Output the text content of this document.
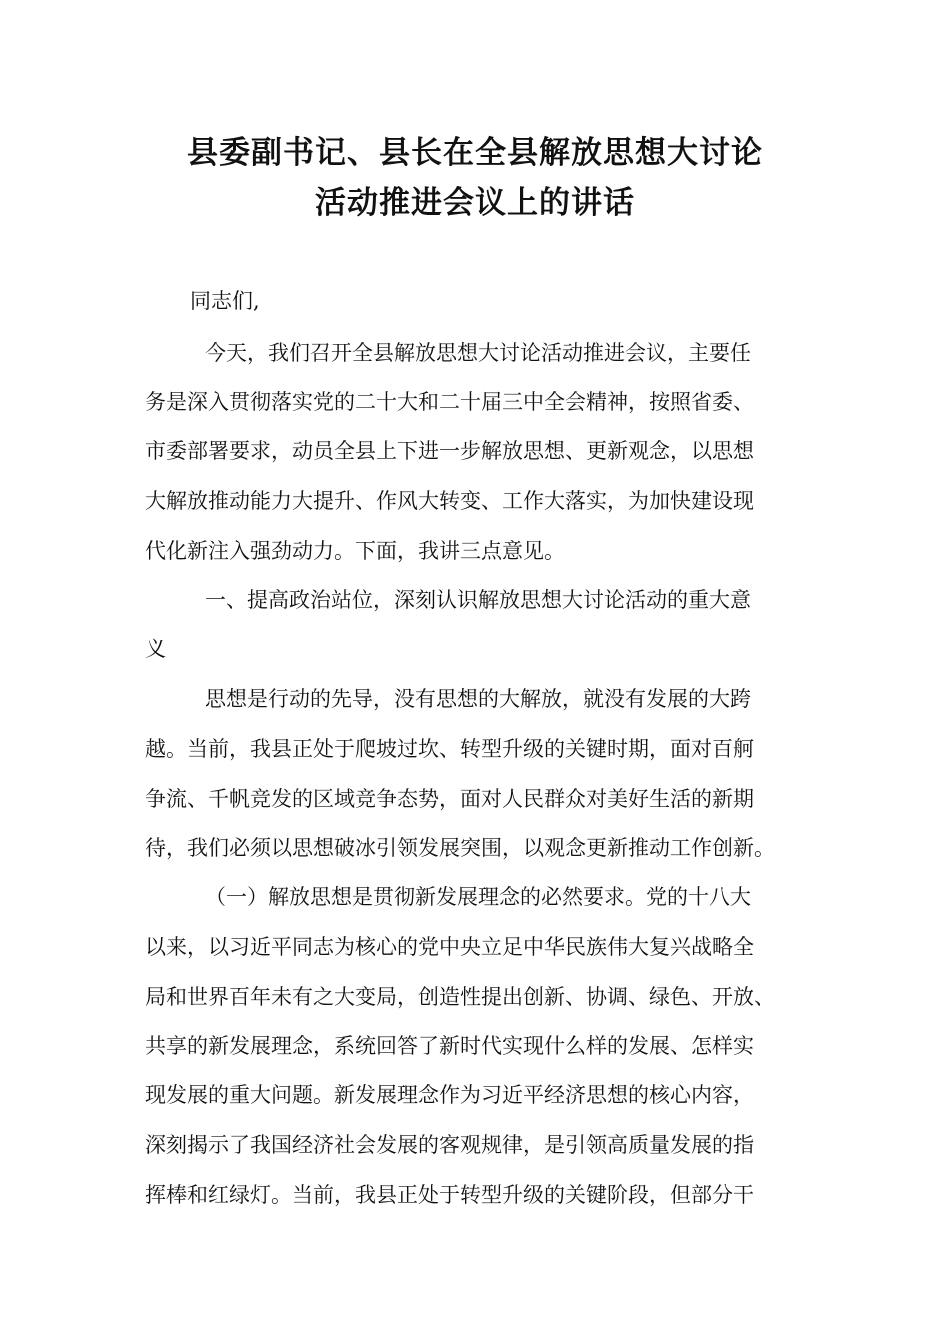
县委副书记、县长在全县解放思想大讨论
活动推进会议上的讲话

同志们,

今天，我们召开全县解放思想大讨论活动推进会议，主要任

务是深入贯彻落实党的二十大和二十届三中全会精神，按照省委、

市委部署要求，动员全县上下进一步解放思想、更新观念，以思想

大解放推动能力大提升、作风大转变、工作大落实，为加快建设现

代化新注入强劲动力。下面，我讲三点意见。

一、提高政治站位，深刻认识解放思想大讨论活动的重大意

义

思想是行动的先导，没有思想的大解放，就没有发展的大跨

越。当前，我县正处于爬坡过坎、转型升级的关键时期，面对百舸

争流、千帆竞发的区域竞争态势，面对人民群众对美好生活的新期

待，我们必须以思想破冰引领发展突围，以观念更新推动工作创新。

（一）解放思想是贯彻新发展理念的必然要求。党的十八大

以来，以习近平同志为核心的党中央立足中华民族伟大复兴战略全

局和世界百年未有之大变局，创造性提出创新、协调、绿色、开放、

共享的新发展理念，系统回答了新时代实现什么样的发展、怎样实

现发展的重大问题。新发展理念作为习近平经济思想的核心内容，

深刻揭示了我国经济社会发展的客观规律，是引领高质量发展的指

挥棒和红绿灯。当前，我县正处于转型升级的关键阶段，但部分干
